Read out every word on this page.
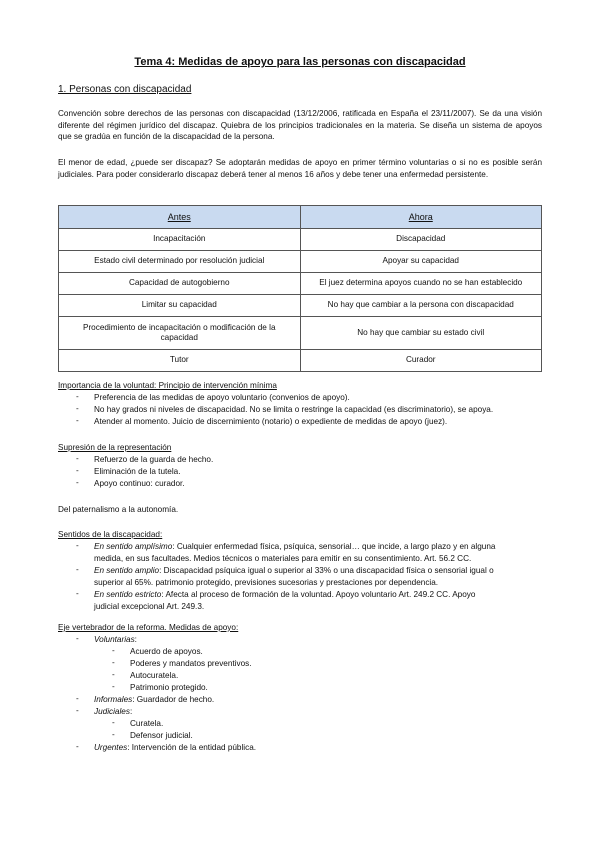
Tema 4: Medidas de apoyo para las personas con discapacidad
1. Personas con discapacidad
Convención sobre derechos de las personas con discapacidad (13/12/2006, ratificada en España el 23/11/2007). Se da una visión diferente del régimen jurídico del discapaz. Quiebra de los principios tradicionales en la materia. Se diseña un sistema de apoyos que se gradúa en función de la discapacidad de la persona.
El menor de edad, ¿puede ser discapaz? Se adoptarán medidas de apoyo en primer término voluntarias o si no es posible serán judiciales. Para poder considerarlo discapaz deberá tener al menos 16 años y debe tener una enfermedad persistente.
Antes	Ahora
Incapacitación	Discapacidad
Estado civil determinado por resolución judicial	Apoyar su capacidad
Capacidad de autogobierno	El juez determina apoyos cuando no se han establecido
Limitar su capacidad	No hay que cambiar a la persona con discapacidad
Procedimiento de incapacitación o modificación de la capacidad	No hay que cambiar su estado civil
Tutor	Curador
Importancia de la voluntad: Principio de intervención mínima
- Preferencia de las medidas de apoyo voluntario (convenios de apoyo).
- No hay grados ni niveles de discapacidad. No se limita o restringe la capacidad (es discriminatorio), se apoya.
- Atender al momento. Juicio de discernimiento (notario) o expediente de medidas de apoyo (juez).
Supresión de la representación
- Refuerzo de la guarda de hecho.
- Eliminación de la tutela.
- Apoyo continuo: curador.
Del paternalismo a la autonomía.
Sentidos de la discapacidad:
- En sentido amplísimo: Cualquier enfermedad física, psíquica, sensorial… que incide, a largo plazo y en alguna
medida, en sus facultades. Medios técnicos o materiales para emitir en su consentimiento. Art. 56.2 CC.
- En sentido amplio: Discapacidad psíquica igual o superior al 33% o una discapacidad física o sensorial igual o
superior al 65%. patrimonio protegido, previsiones sucesorias y prestaciones por dependencia.
- En sentido estricto: Afecta al proceso de formación de la voluntad. Apoyo voluntario Art. 249.2 CC. Apoyo
judicial excepcional Art. 249.3.
Eje vertebrador de la reforma. Medidas de apoyo:
- Voluntarias:
- Acuerdo de apoyos.
- Poderes y mandatos preventivos.
- Autocuratela.
- Patrimonio protegido.
- Informales: Guardador de hecho.
- Judiciales:
- Curatela.
- Defensor judicial.
- Urgentes: Intervención de la entidad pública.
